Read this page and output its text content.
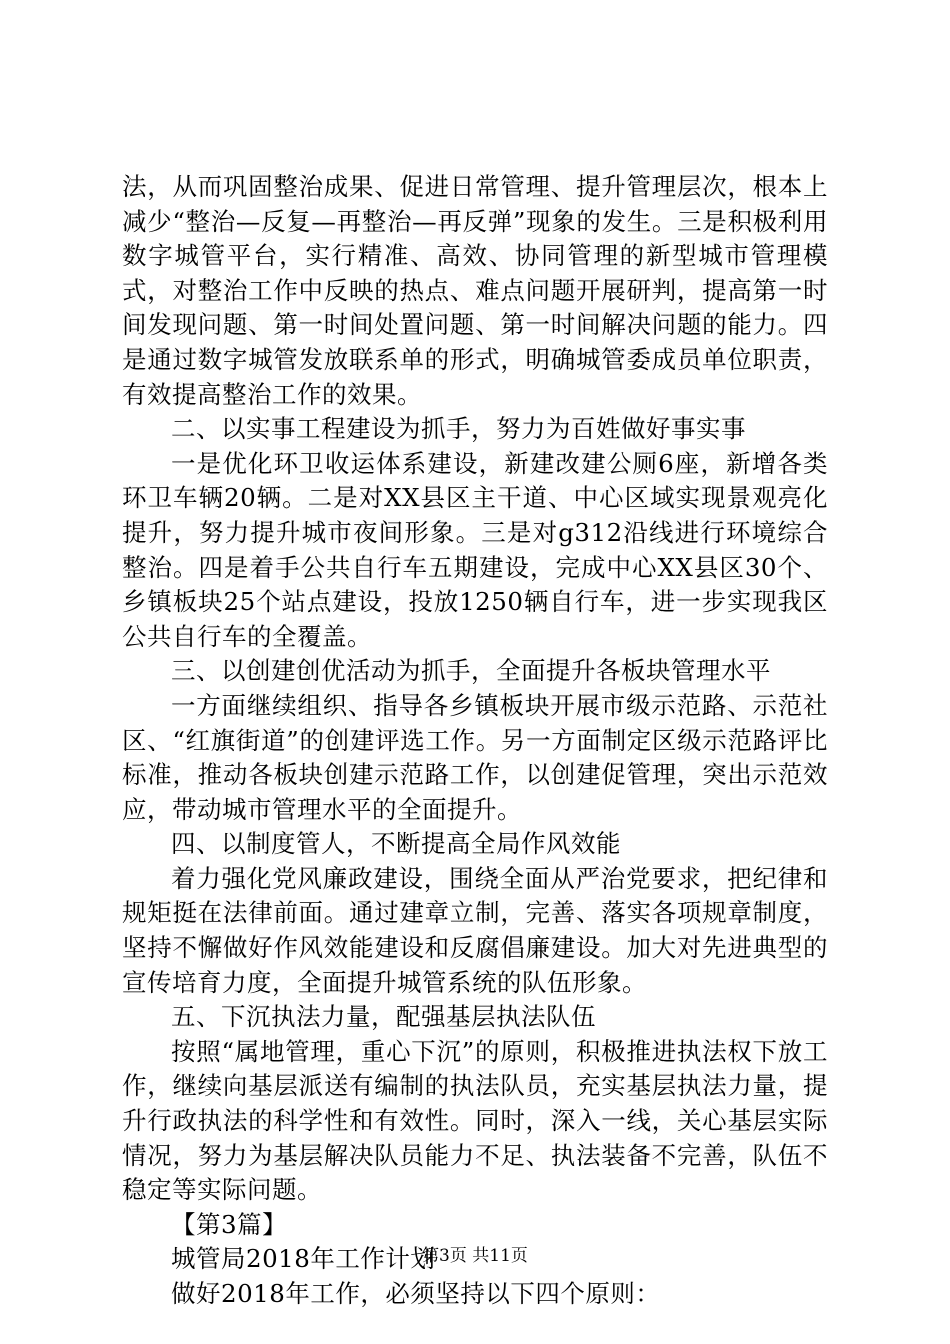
法，从而巩固整治成果、促进日常管理、提升管理层次，根本上减少“整治—反复—再整治—再反弹”现象的发生。三是积极利用数字城管平台，实行精准、高效、协同管理的新型城市管理模式，对整治工作中反映的热点、难点问题开展研判，提高第一时间发现问题、第一时间处置问题、第一时间解决问题的能力。四是通过数字城管发放联系单的形式，明确城管委成员单位职责，有效提高整治工作的效果。

二、以实事工程建设为抓手，努力为百姓做好事实事

一是优化环卫收运体系建设，新建改建公厕6座，新增各类环卫车辆20辆。二是对XX县区主干道、中心区域实现景观亮化提升，努力提升城市夜间形象。三是对g312沿线进行环境综合整治。四是着手公共自行车五期建设，完成中心XX县区30个、乡镇板块25个站点建设，投放1250辆自行车，进一步实现我区公共自行车的全覆盖。

三、以创建创优活动为抓手，全面提升各板块管理水平

一方面继续组织、指导各乡镇板块开展市级示范路、示范社区、“红旗街道”的创建评选工作。另一方面制定区级示范路评比标准，推动各板块创建示范路工作，以创建促管理，突出示范效应，带动城市管理水平的全面提升。

四、以制度管人，不断提高全局作风效能

着力强化党风廉政建设，围绕全面从严治党要求，把纪律和规矩挺在法律前面。通过建章立制，完善、落实各项规章制度，坚持不懈做好作风效能建设和反腐倡廉建设。加大对先进典型的宣传培育力度，全面提升城管系统的队伍形象。

五、下沉执法力量，配强基层执法队伍

按照“属地管理，重心下沉”的原则，积极推进执法权下放工作，继续向基层派送有编制的执法队员，充实基层执法力量，提升行政执法的科学性和有效性。同时，深入一线，关心基层实际情况，努力为基层解决队员能力不足、执法装备不完善，队伍不稳定等实际问题。

【第3篇】

城管局2018年工作计划

做好2018年工作，必须坚持以下四个原则：

第3页 共11页
